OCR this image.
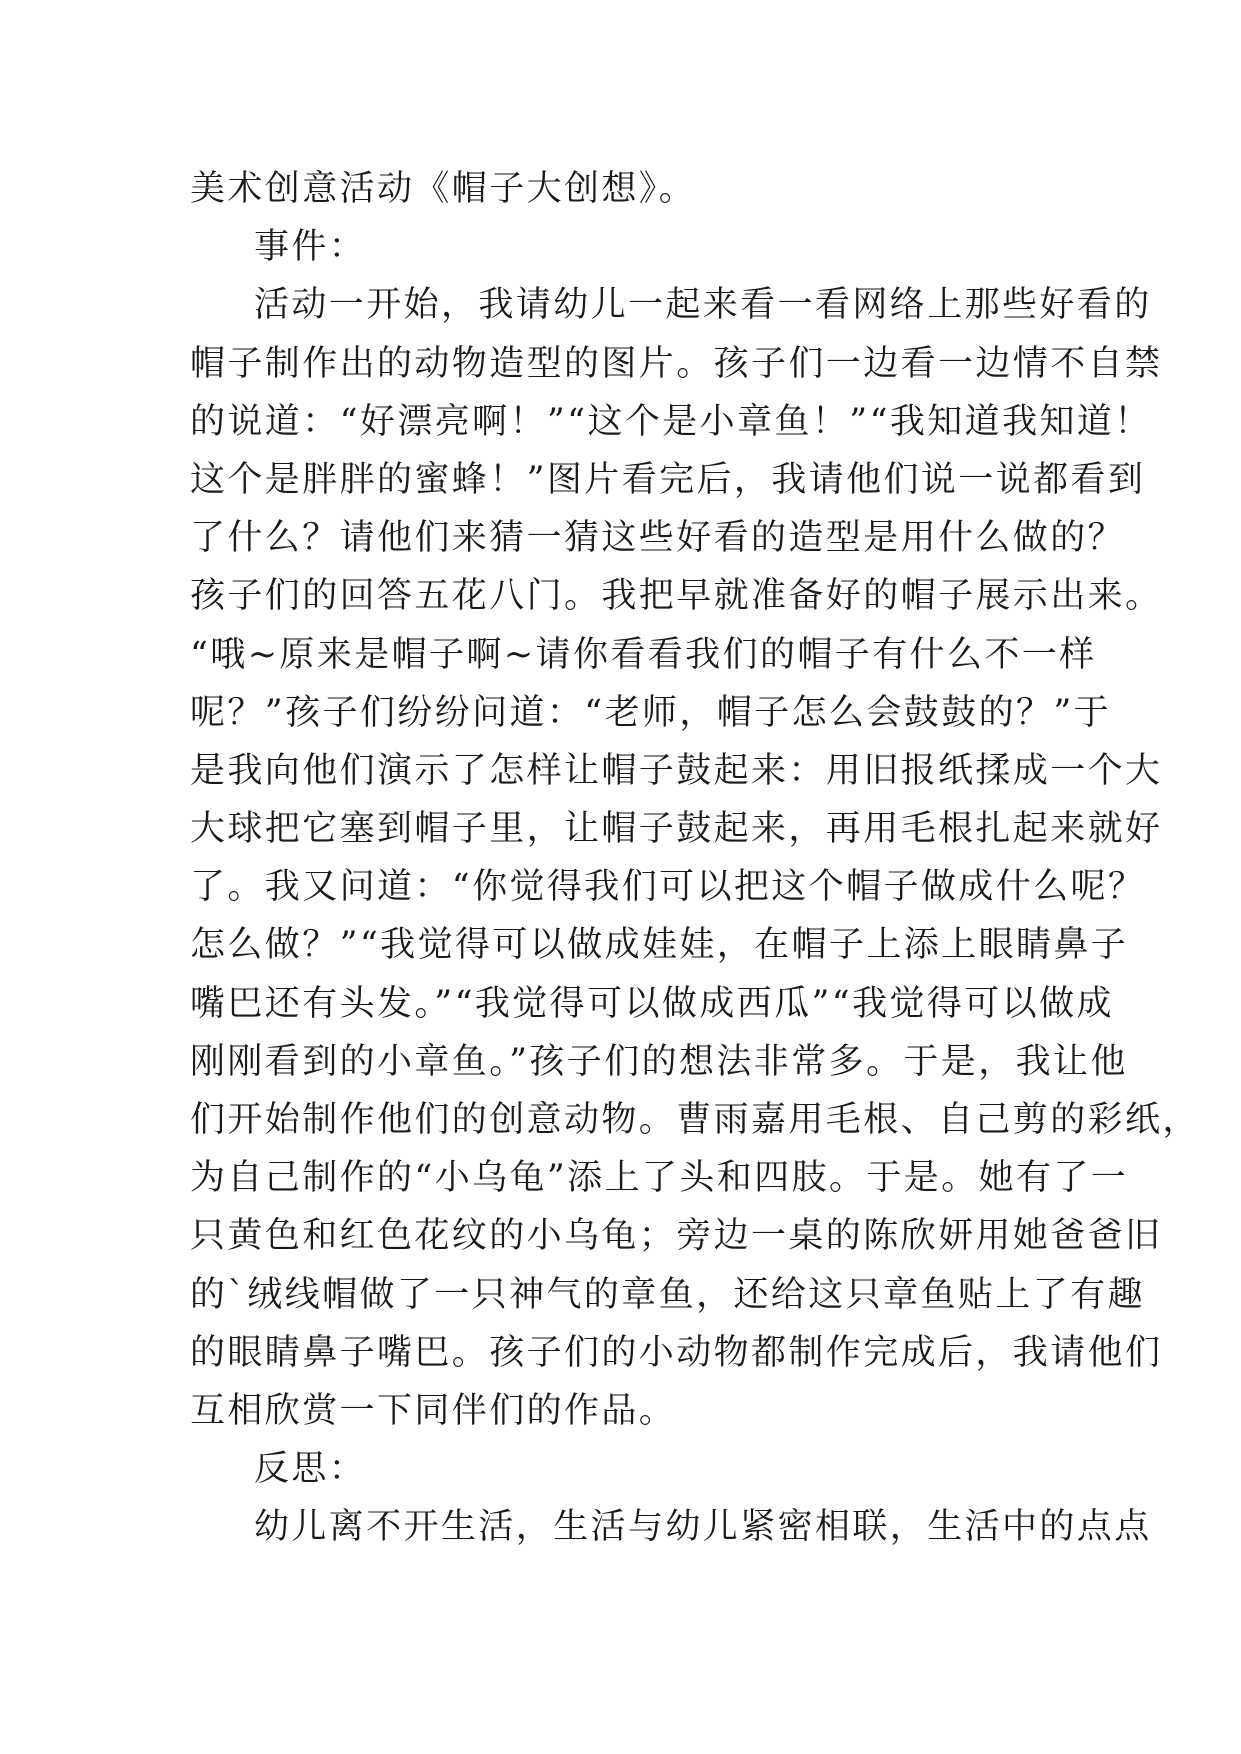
美术创意活动《帽子大创想》。
事件：
活动一开始，我请幼儿一起来看一看网络上那些好看的
帽子制作出的动物造型的图片。孩子们一边看一边情不自禁
的说道：“好漂亮啊！”“这个是小章鱼！”“我知道我知道！
这个是胖胖的蜜蜂！”图片看完后，我请他们说一说都看到
了什么？请他们来猜一猜这些好看的造型是用什么做的？
孩子们的回答五花八门。我把早就准备好的帽子展示出来。
“哦~原来是帽子啊~请你看看我们的帽子有什么不一样
呢？”孩子们纷纷问道：“老师，帽子怎么会鼓鼓的？”于
是我向他们演示了怎样让帽子鼓起来：用旧报纸揉成一个大
大球把它塞到帽子里，让帽子鼓起来，再用毛根扎起来就好
了。我又问道：“你觉得我们可以把这个帽子做成什么呢？
怎么做？”“我觉得可以做成娃娃，在帽子上添上眼睛鼻子
嘴巴还有头发。”“我觉得可以做成西瓜”“我觉得可以做成
刚刚看到的小章鱼。”孩子们的想法非常多。于是，我让他
们开始制作他们的创意动物。曹雨嘉用毛根、自己剪的彩纸，
为自己制作的“小乌龟”添上了头和四肢。于是。她有了一
只黄色和红色花纹的小乌龟；旁边一桌的陈欣妍用她爸爸旧
的`绒线帽做了一只神气的章鱼，还给这只章鱼贴上了有趣
的眼睛鼻子嘴巴。孩子们的小动物都制作完成后，我请他们
互相欣赏一下同伴们的作品。
反思：
幼儿离不开生活，生活与幼儿紧密相联，生活中的点点
